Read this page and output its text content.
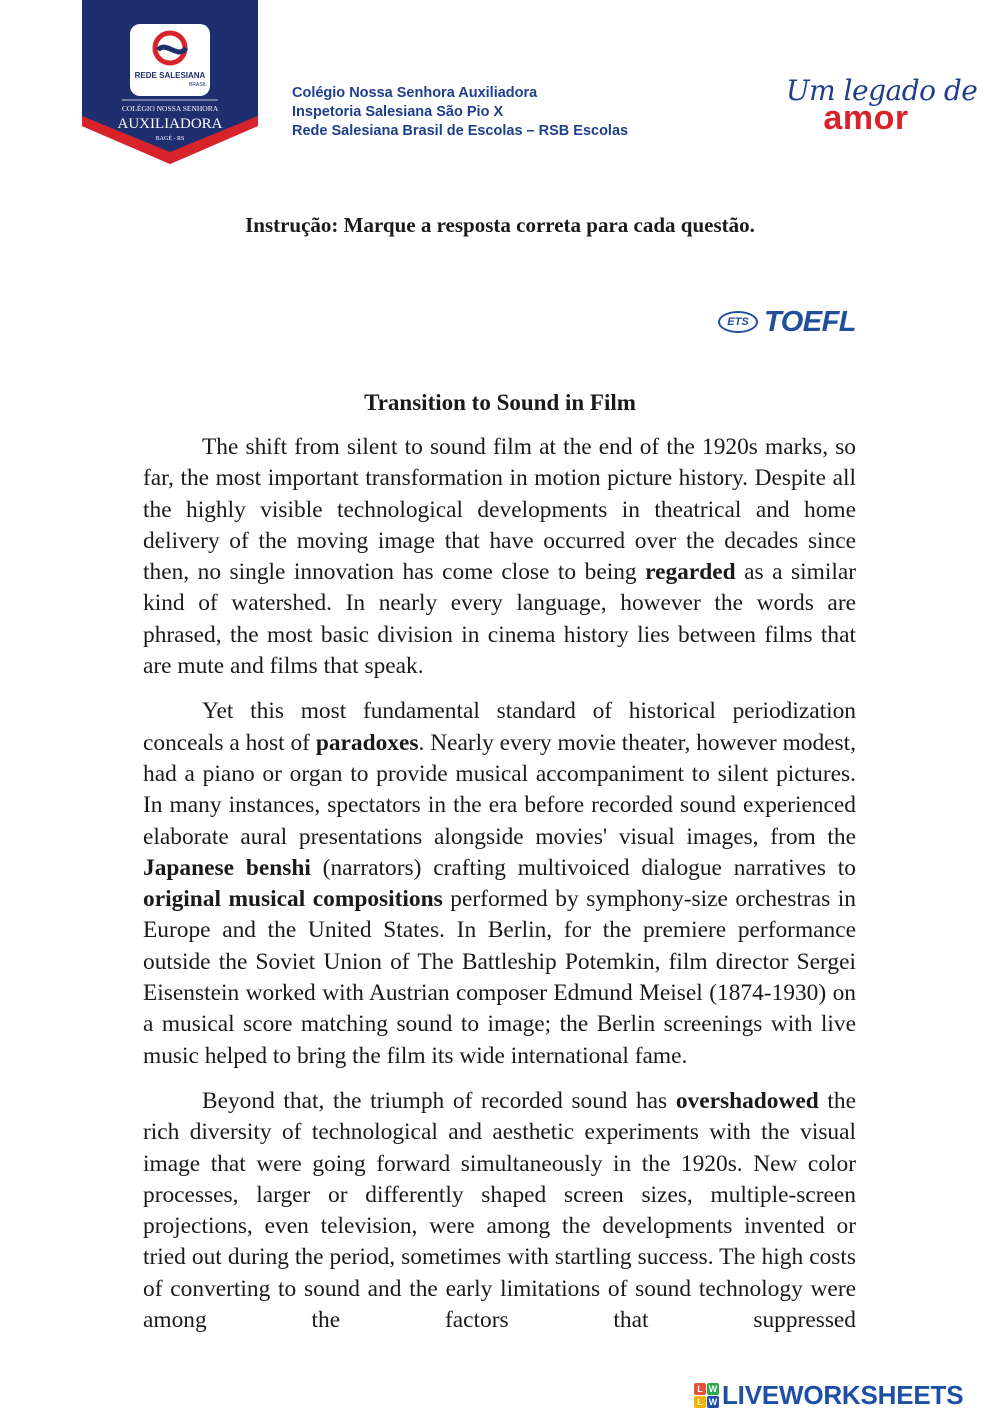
REDE SALESIANA
BRASIL
COLÉGIO NOSSA SENHORA
AUXILIADORA
BAGÉ - RS
Colégio Nossa Senhora Auxiliadora
Inspetoria Salesiana São Pio X
Rede Salesiana Brasil de Escolas – RSB Escolas
Um legado de
amor
Instrução: Marque a resposta correta para cada questão.
ETS TOEFL
Transition to Sound in Film

The shift from silent to sound film at the end of the 1920s marks, so far, the most important transformation in motion picture history. Despite all the highly visible technological developments in theatrical and home delivery of the moving image that have occurred over the decades since then, no single innovation has come close to being regarded as a similar kind of watershed. In nearly every language, however the words are phrased, the most basic division in cinema history lies between films that are mute and films that speak.

Yet this most fundamental standard of historical periodization conceals a host of paradoxes. Nearly every movie theater, however modest, had a piano or organ to provide musical accompaniment to silent pictures. In many instances, spectators in the era before recorded sound experienced elaborate aural presentations alongside movies' visual images, from the Japanese benshi (narrators) crafting multivoiced dialogue narratives to original musical compositions performed by symphony-size orchestras in Europe and the United States. In Berlin, for the premiere performance outside the Soviet Union of The Battleship Potemkin, film director Sergei Eisenstein worked with Austrian composer Edmund Meisel (1874-1930) on a musical score matching sound to image; the Berlin screenings with live music helped to bring the film its wide international fame.

Beyond that, the triumph of recorded sound has overshadowed the rich diversity of technological and aesthetic experiments with the visual image that were going forward simultaneously in the 1920s. New color processes, larger or differently shaped screen sizes, multiple-screen projections, even television, were among the developments invented or tried out during the period, sometimes with startling success. The high costs of converting to sound and the early limitations of sound technology were among the factors that suppressed

L W
L W LIVEWORKSHEETS
